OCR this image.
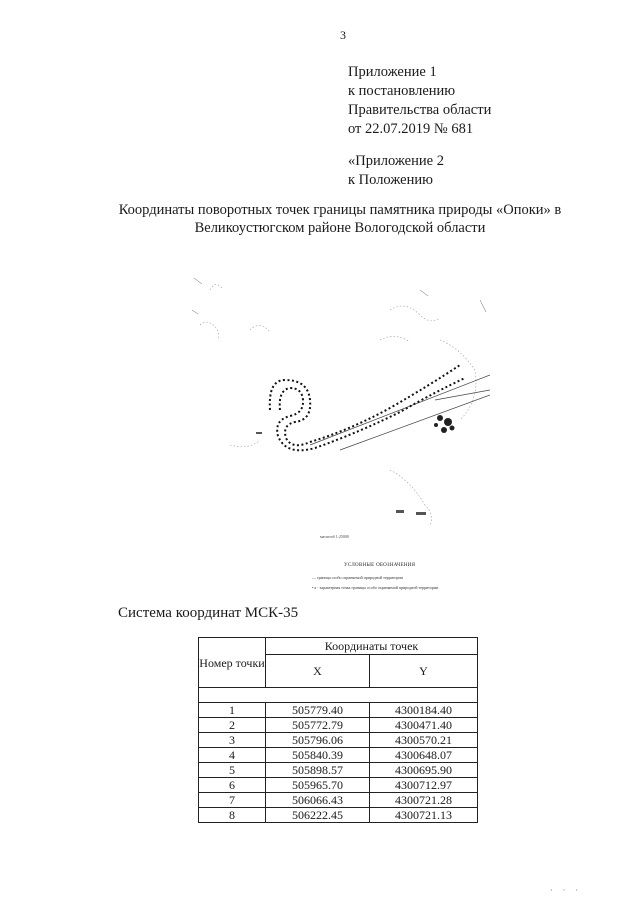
3
Приложение 1
к постановлению
Правительства области
от 22.07.2019 № 681
«Приложение 2
к Положению
Координаты поворотных точек границы памятника природы «Опоки» в Великоустюгском районе Вологодской области
масштаб 1:25000
УСЛОВНЫЕ ОБОЗНАЧЕНИЯ
— граница особо охраняемой природной территории
• а - характерная точка границы особо охраняемой природной территории
Система координат МСК-35
Номер точки	Координаты точек	
	X	Y

1	505779.40	4300184.40
2	505772.79	4300471.40
3	505796.06	4300570.21
4	505840.39	4300648.07
5	505898.57	4300695.90
6	505965.70	4300712.97
7	506066.43	4300721.28
8	506222.45	4300721.13
· · ·
